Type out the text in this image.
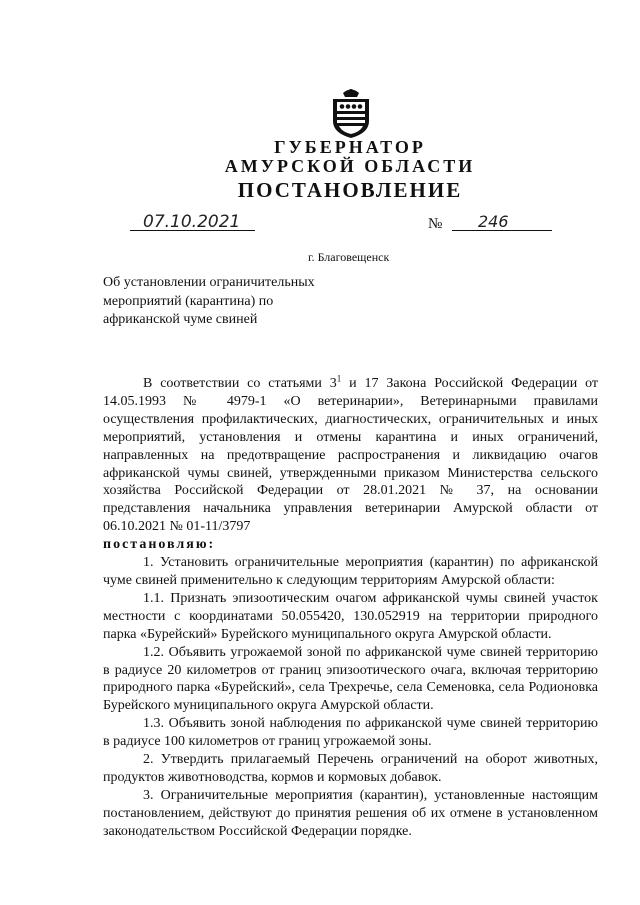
ГУБЕРНАТОР
АМУРСКОЙ ОБЛАСТИ
ПОСТАНОВЛЕНИЕ
07.10.2021	№ 246
г. Благовещенск
Об установлении ограничительных мероприятий (карантина) по африканской чуме свиней

В соответствии со статьями $3^1$ и 17 Закона Российской Федерации от 14.05.1993 № 4979-1 «О ветеринарии», Ветеринарными правилами осуществления профилактических, диагностических, ограничительных и иных мероприятий, установления и отмены карантина и иных ограничений, направленных на предотвращение распространения и ликвидацию очагов африканской чумы свиней, утвержденными приказом Министерства сельского хозяйства Российской Федерации от 28.01.2021 № 37, на основании представления начальника управления ветеринарии Амурской области от 06.10.2021 № 01-11/3797

постановляю:

1. Установить ограничительные мероприятия (карантин) по африканской чуме свиней применительно к следующим территориям Амурской области:

1.1. Признать эпизоотическим очагом африканской чумы свиней участок местности с координатами 50.055420, 130.052919 на территории природного парка «Бурейский» Бурейского муниципального округа Амурской области.

1.2. Объявить угрожаемой зоной по африканской чуме свиней территорию в радиусе 20 километров от границ эпизоотического очага, включая территорию природного парка «Бурейский», села Трехречье, села Семеновка, села Родионовка Бурейского муниципального округа Амурской области.

1.3. Объявить зоной наблюдения по африканской чуме свиней территорию в радиусе 100 километров от границ угрожаемой зоны.

2. Утвердить прилагаемый Перечень ограничений на оборот животных, продуктов животноводства, кормов и кормовых добавок.

3. Ограничительные мероприятия (карантин), установленные настоящим постановлением, действуют до принятия решения об их отмене в установленном законодательством Российской Федерации порядке.
